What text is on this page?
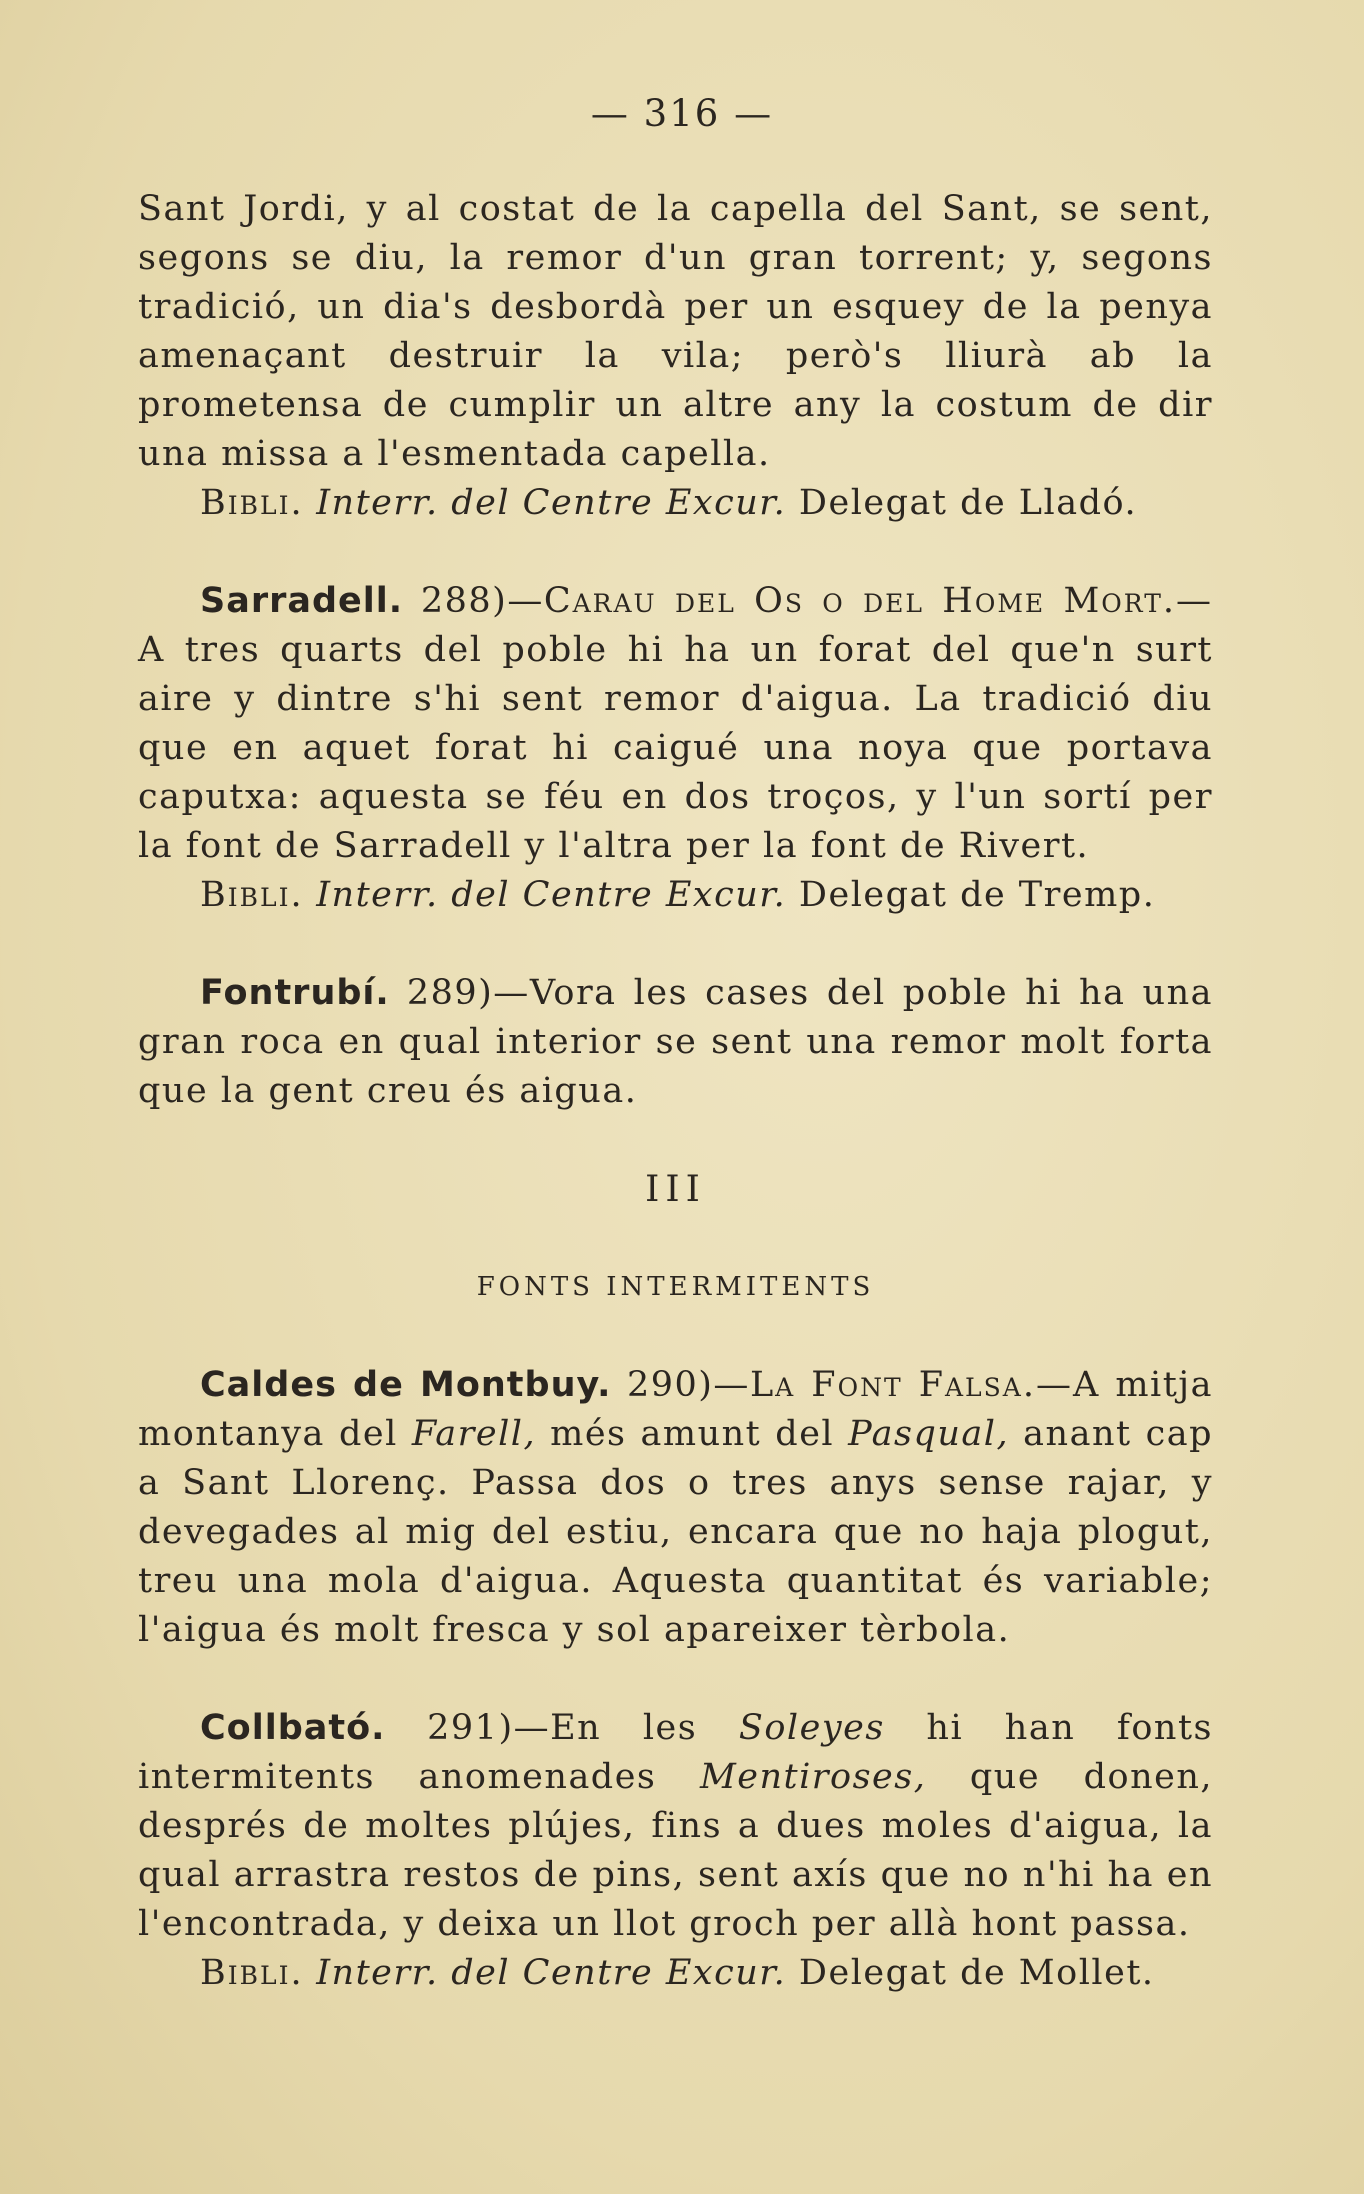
— 316 —

Sant Jordi, y al costat de la capella del Sant, se sent, segons se diu, la remor d'un gran torrent; y, segons tradició, un dia's desbordà per un esquey de la penya amenaçant destruir la vila; però's lliurà ab la prometensa de cumplir un altre any la costum de dir una missa a l'esmentada capella.

Bibli. Interr. del Centre Excur. Delegat de Lladó.

Sarradell. 288)—Carau del Os o del Home Mort.— A tres quarts del poble hi ha un forat del que'n surt aire y dintre s'hi sent remor d'aigua. La tradició diu que en aquet forat hi caigué una noya que portava caputxa: aquesta se féu en dos troços, y l'un sortí per la font de Sarradell y l'altra per la font de Rivert.

Bibli. Interr. del Centre Excur. Delegat de Tremp.

Fontrubí. 289)—Vora les cases del poble hi ha una gran roca en qual interior se sent una remor molt forta que la gent creu és aigua.

III
FONTS INTERMITENTS

Caldes de Montbuy. 290)—La Font Falsa.—A mitja montanya del Farell, més amunt del Pasqual, anant cap a Sant Llorenç. Passa dos o tres anys sense rajar, y devegades al mig del estiu, encara que no haja plogut, treu una mola d'aigua. Aquesta quantitat és variable; l'aigua és molt fresca y sol apareixer tèrbola.

Collbató. 291)—En les Soleyes hi han fonts intermitents anomenades Mentiroses, que donen, després de moltes plújes, fins a dues moles d'aigua, la qual arrastra restos de pins, sent axís que no n'hi ha en l'encontrada, y deixa un llot groch per allà hont passa.

Bibli. Interr. del Centre Excur. Delegat de Mollet.
